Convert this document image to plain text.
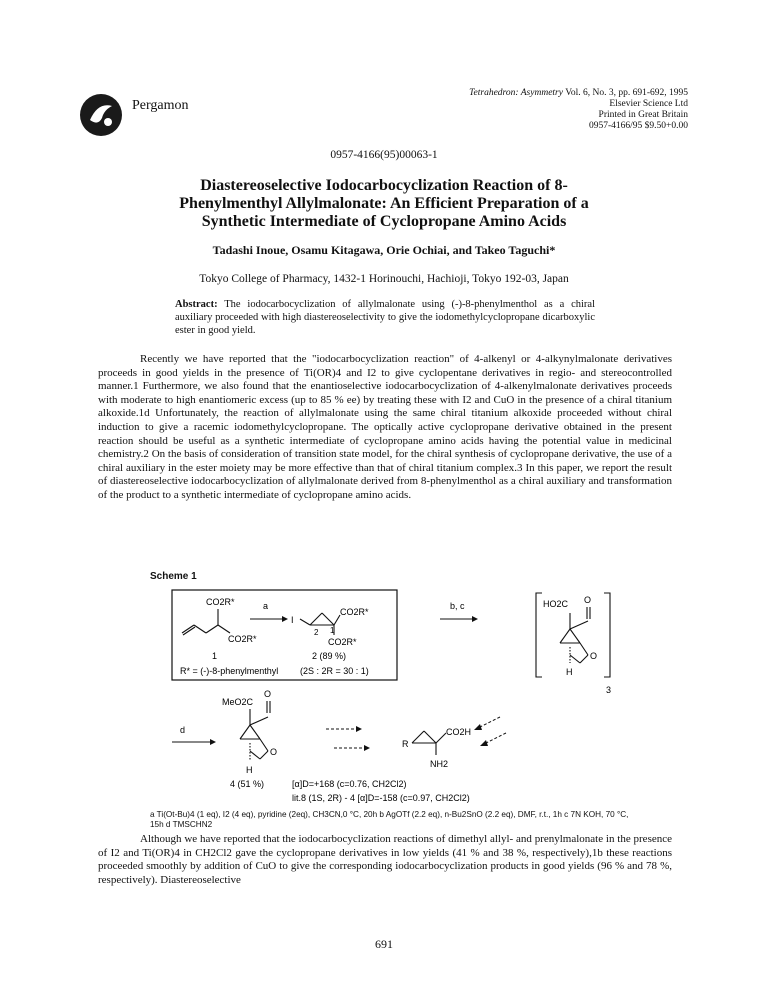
Pergamon
Tetrahedron: Asymmetry Vol. 6, No. 3, pp. 691-692, 1995
Elsevier Science Ltd
Printed in Great Britain
0957-4166/95 $9.50+0.00
0957-4166(95)00063-1
Diastereoselective Iodocarbocyclization Reaction of 8-
Phenylmenthyl Allylmalonate: An Efficient Preparation of a
Synthetic Intermediate of Cyclopropane Amino Acids
Tadashi Inoue, Osamu Kitagawa, Orie Ochiai, and Takeo Taguchi*
Tokyo College of Pharmacy, 1432-1 Horinouchi, Hachioji, Tokyo 192-03, Japan
Abstract: The iodocarbocyclization of allylmalonate using (-)-8-phenylmenthol as a chiral auxiliary proceeded with high diastereoselectivity to give the iodomethylcyclopropane dicarboxylic ester in good yield.

Recently we have reported that the "iodocarbocyclization reaction" of 4-alkenyl or 4-alkynylmalonate derivatives proceeds in good yields in the presence of Ti(OR)4 and I2 to give cyclopentane derivatives in regio- and stereocontrolled manner.1 Furthermore, we also found that the enantioselective iodocarbocyclization of 4-alkenylmalonate derivatives proceeds with moderate to high enantiomeric excess (up to 85 % ee) by treating these with I2 and CuO in the presence of a chiral titanium alkoxide.1d Unfortunately, the reaction of allylmalonate using the same chiral titanium alkoxide proceeded without chiral induction to give a racemic iodomethylcyclopropane. The optically active cyclopropane derivative obtained in the present reaction should be useful as a synthetic intermediate of cyclopropane amino acids having the potential value in medicinal chemistry.2 On the basis of consideration of transition state model, for the chiral synthesis of cyclopropane derivative, the use of a chiral auxiliary in the ester moiety may be more effective than that of chiral titanium complex.3 In this paper, we report the result of diastereoselective iodocarbocyclization of allylmalonate derived from 8-phenylmenthol as a chiral auxiliary and transformation of the product to a synthetic intermediate of cyclopropane amino acids.

Scheme 1
CO2R*
CO2R*
1
a
I
CO2R*
CO2R*
2 1
2 (89 %)
R* = (-)-8-phenylmenthyl (2S : 2R = 30 : 1)
b, c	HO2C O
O
H
3
d
MeO2C
O
O
H
4 (51 %)	[α]D=+168 (c=0.76, CH2Cl2)
lit.8 (1S, 2R) - 4 [α]D=-158 (c=0.97, CH2Cl2)
R
CO2H
NH2
a Ti(Ot-Bu)4 (1 eq), I2 (4 eq), pyridine (2eq), CH3CN,0 °C, 20h b AgOTf (2.2 eq), n-Bu2SnO (2.2 eq), DMF, r.t., 1h c 7N KOH, 70 °C, 15h d TMSCHN2

Although we have reported that the iodocarbocyclization reactions of dimethyl allyl- and prenylmalonate in the presence of I2 and Ti(OR)4 in CH2Cl2 gave the cyclopropane derivatives in low yields (41 % and 38 %, respectively),1b these reactions proceeded smoothly by addition of CuO to give the corresponding iodocarbocyclization products in good yields (96 % and 78 %, respectively). Diastereoselective

691
